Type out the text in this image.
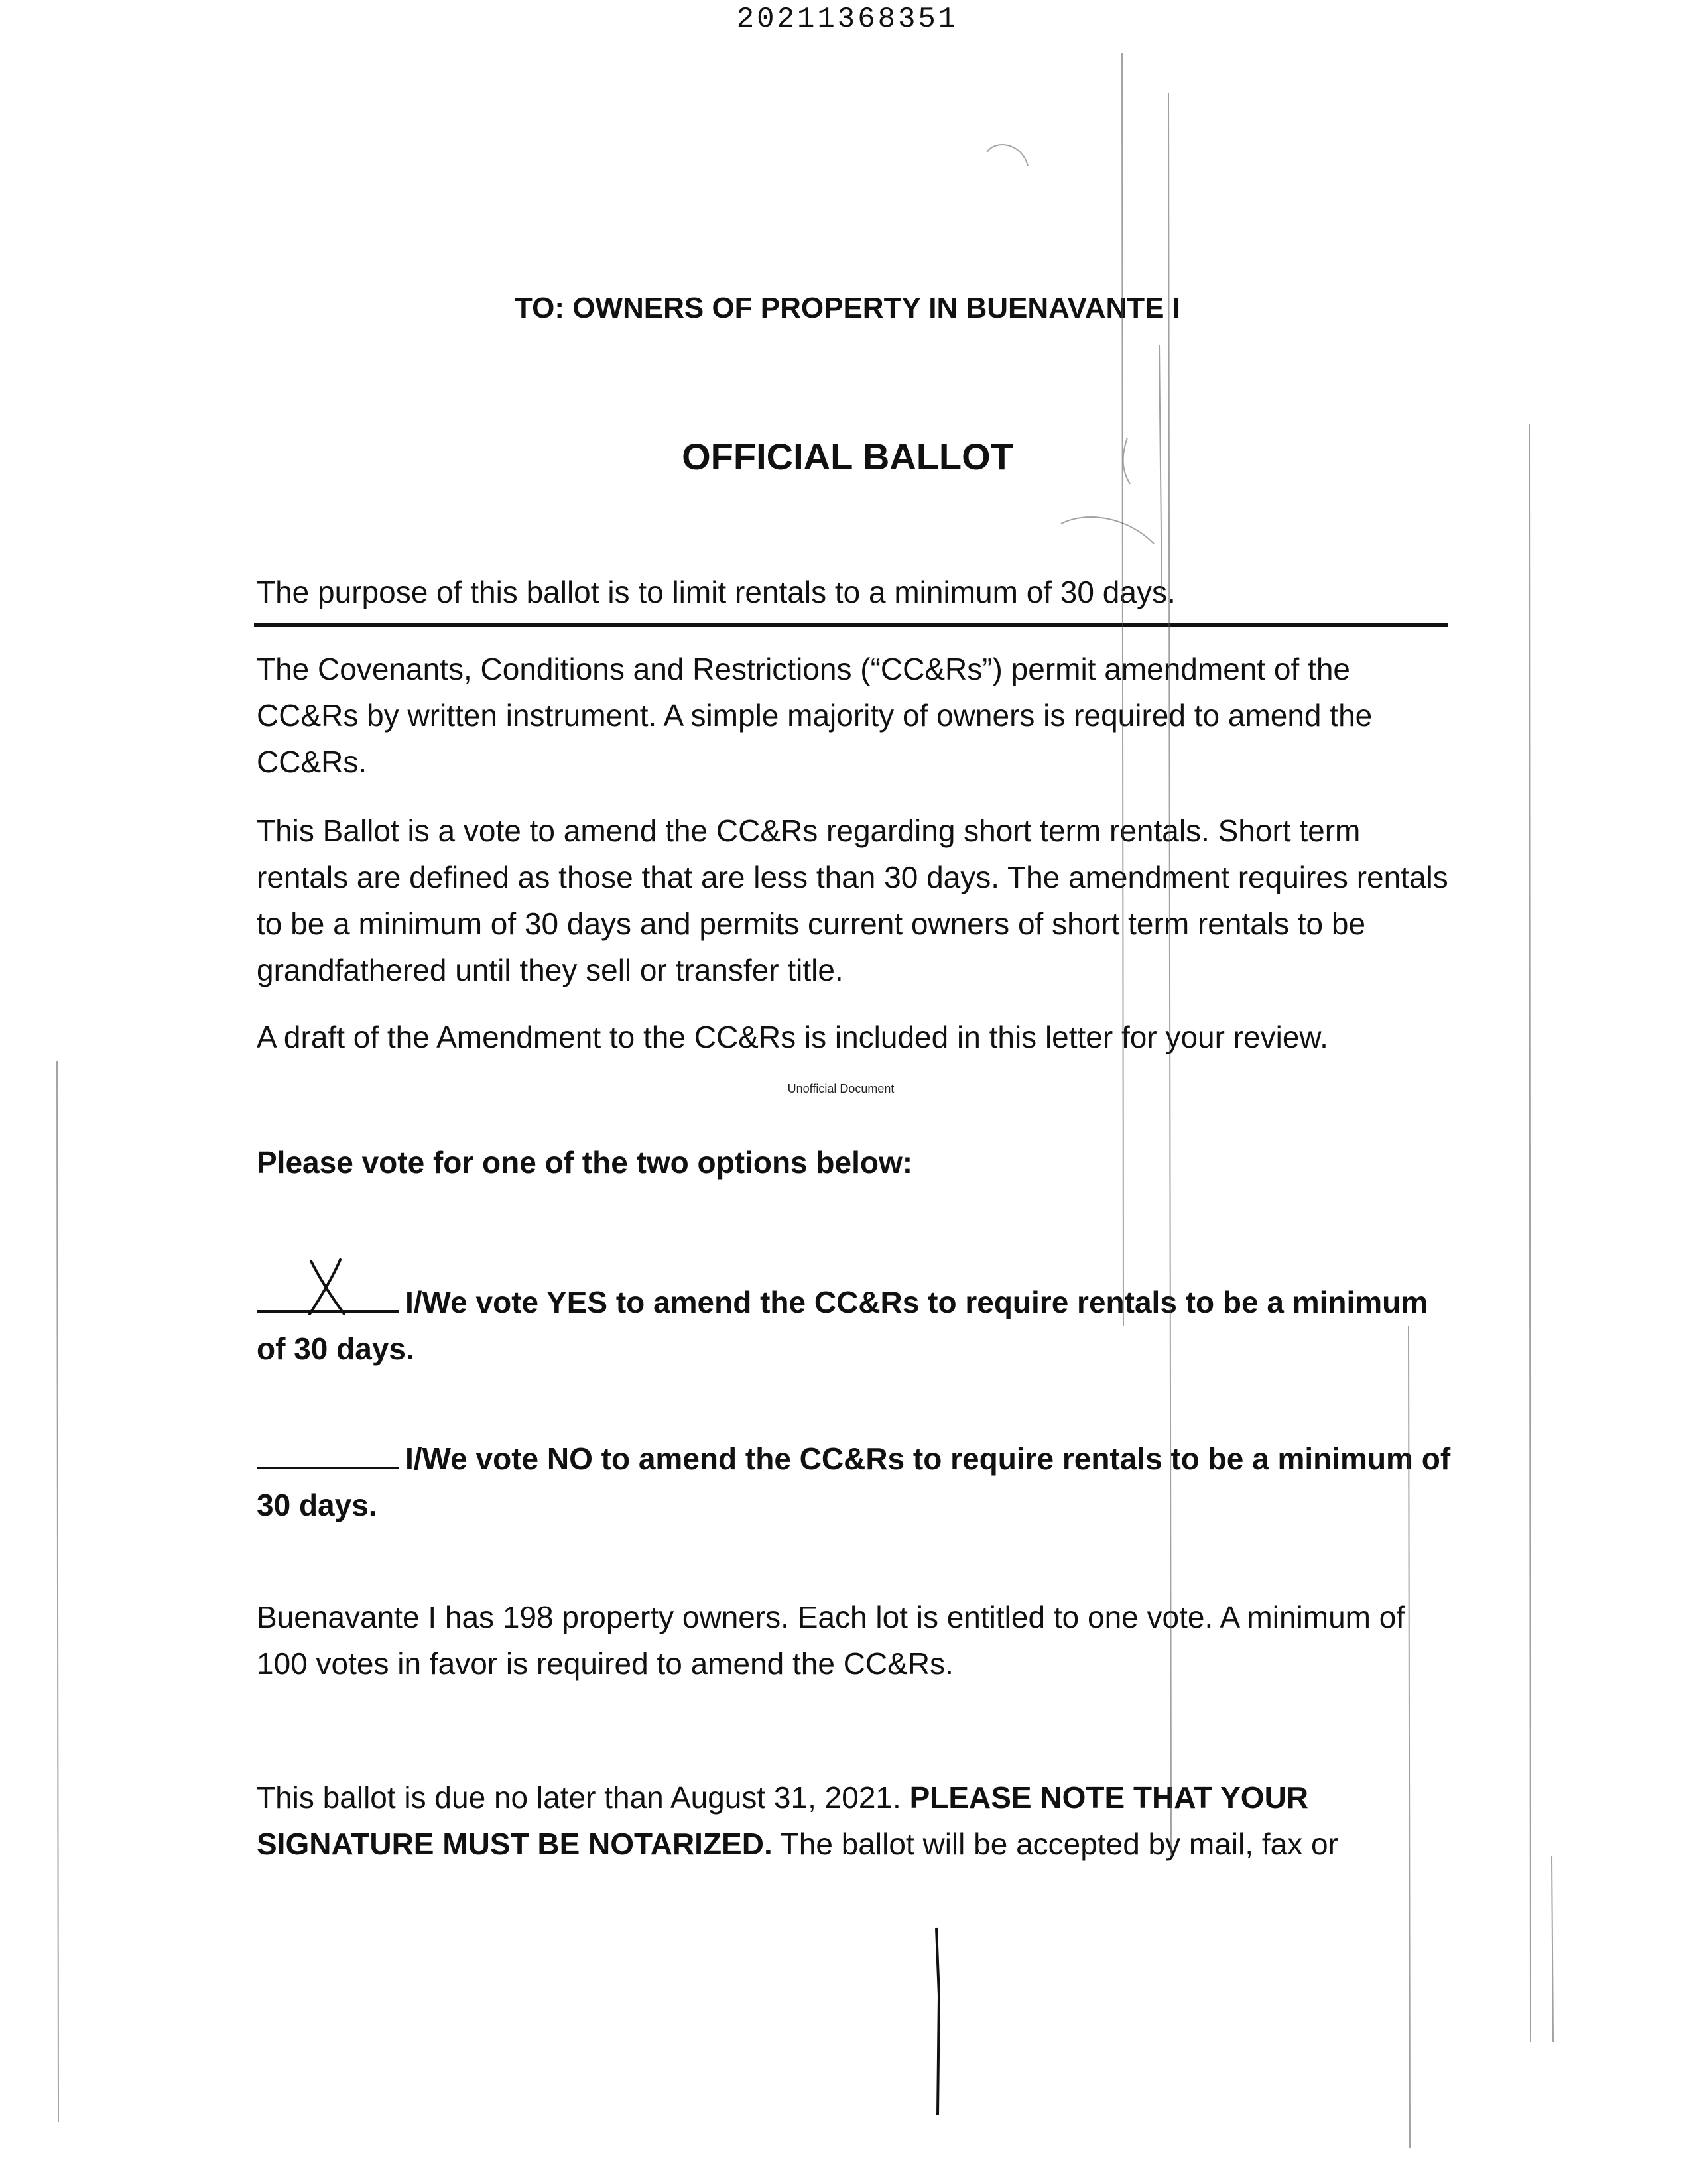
20211368351
TO: OWNERS OF PROPERTY IN BUENAVANTE I
OFFICIAL BALLOT
The purpose of this ballot is to limit rentals to a minimum of 30 days.
The Covenants, Conditions and Restrictions (“CC&Rs”) permit amendment of the CC&Rs by written instrument. A simple majority of owners is required to amend the CC&Rs.
This Ballot is a vote to amend the CC&Rs regarding short term rentals. Short term rentals are defined as those that are less than 30 days. The amendment requires rentals to be a minimum of 30 days and permits current owners of short term rentals to be grandfathered until they sell or transfer title.
A draft of the Amendment to the CC&Rs is included in this letter for your review.
Unofficial Document
Please vote for one of the two options below:
I/We vote YES to amend the CC&Rs to require rentals to be a minimum of 30 days.
I/We vote NO to amend the CC&Rs to require rentals to be a minimum of 30 days.
Buenavante I has 198 property owners. Each lot is entitled to one vote. A minimum of 100 votes in favor is required to amend the CC&Rs.
This ballot is due no later than August 31, 2021. PLEASE NOTE THAT YOUR SIGNATURE MUST BE NOTARIZED. The ballot will be accepted by mail, fax or
